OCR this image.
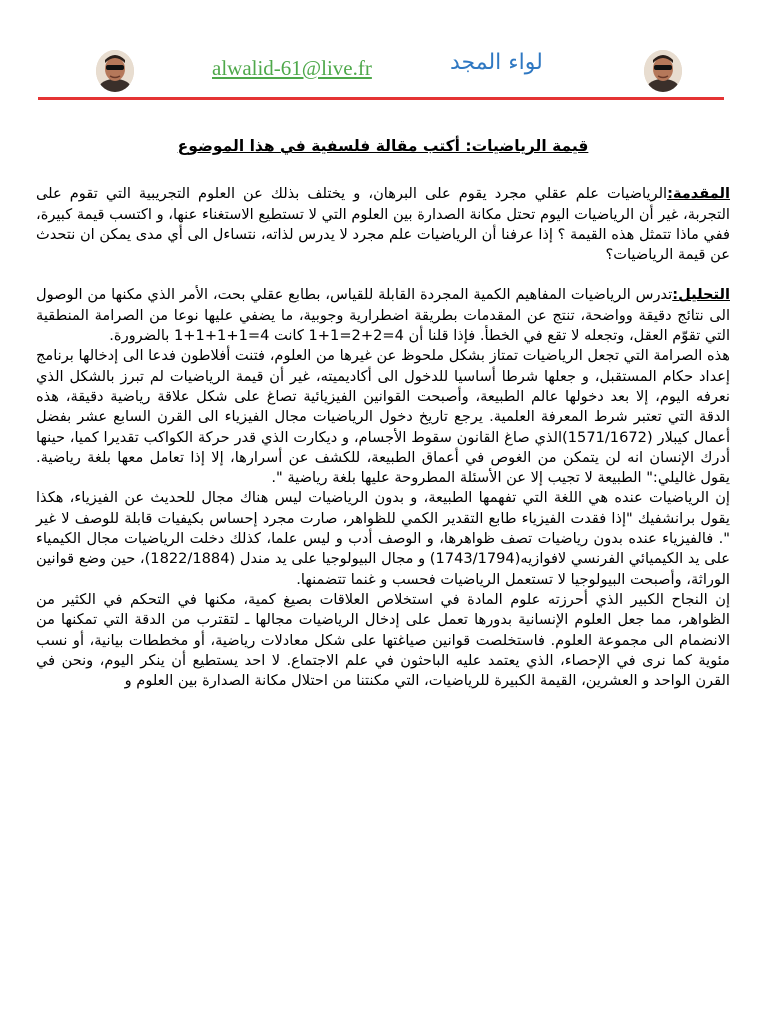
alwalid-61@live.fr	لواء المجد

قيمة الرياضيات: أكتب مقالة فلسفية في هذا الموضوع

المقدمة:الرياضيات علم عقلي مجرد يقوم على البرهان، و يختلف بذلك عن العلوم التجريبية التي تقوم على التجربة، غير أن الرياضيات اليوم تحتل مكانة الصدارة بين العلوم التي لا تستطيع الاستغناء عنها، و اكتسب قيمة كبيرة، ففي ماذا تتمثل هذه القيمة ؟ إذا عرفنا أن الرياضيات علم مجرد لا يدرس لذاته، نتساءل الى أي مدى يمكن ان نتحدث عن قيمة الرياضيات؟

التحليل:تدرس الرياضيات المفاهيم الكمية المجردة القابلة للقياس، بطابع عقلي بحت، الأمر الذي مكنها من الوصول الى نتائج دقيقة وواضحة، تنتج عن المقدمات بطريقة اضطرارية وجوبية، ما يضفي عليها نوعا من الصرامة المنطقية التي تقوّم العقل، وتجعله لا تقع في الخطأ. فإذا قلنا أن 4=2+2=1+1 كانت 4=1+1+1+1 بالضرورة.

هذه الصرامة التي تجعل الرياضيات تمتاز بشكل ملحوظ عن غيرها من العلوم، فتنت أفلاطون فدعا الى إدخالها برنامج إعداد حكام المستقبل، و جعلها شرطا أساسيا للدخول الى أكاديميته، غير أن قيمة الرياضيات لم تبرز بالشكل الذي نعرفه اليوم، إلا بعد دخولها عالم الطبيعة، وأصبحت القوانين الفيزيائية تصاغ على شكل علاقة رياضية دقيقة، هذه الدقة التي تعتبر شرط المعرفة العلمية. يرجع تاريخ دخول الرياضيات مجال الفيزياء الى القرن السابع عشر بفضل أعمال كيبلار (1571/1672)الذي صاغ القانون سقوط الأجسام، و ديكارت الذي قدر حركة الكواكب تقديرا كميا، حينها أدرك الإنسان انه لن يتمكن من الغوص في أعماق الطبيعة، للكشف عن أسرارها، إلا إذا تعامل معها بلغة رياضية. يقول غاليلي:" الطبيعة لا تجيب إلا عن الأسئلة المطروحة عليها بلغة رياضية ".

إن الرياضيات عنده هي اللغة التي تفهمها الطبيعة، و بدون الرياضيات ليس هناك مجال للحديث عن الفيزياء، هكذا يقول برانشفيك "إذا فقدت الفيزياء طابع التقدير الكمي للظواهر، صارت مجرد إحساس بكيفيات قابلة للوصف لا غير ". فالفيزياء عنده بدون رياضيات تصف ظواهرها، و الوصف أدب و ليس علما، كذلك دخلت الرياضيات مجال الكيمياء على يد الكيميائي الفرنسي لافوازيه(1743/1794) و مجال البيولوجيا على يد مندل (1822/1884)، حين وضع قوانين الوراثة، وأصبحت البيولوجيا لا تستعمل الرياضيات فحسب و غنما تتضمنها.

إن النجاح الكبير الذي أحرزته علوم المادة في استخلاص العلاقات بصيغ كمية، مكنها في التحكم في الكثير من الظواهر، مما جعل العلوم الإنسانية بدورها تعمل على إدخال الرياضيات مجالها ـ لتقترب من الدقة التي تمكنها من الانضمام الى مجموعة العلوم. فاستخلصت قوانين صياغتها على شكل معادلات رياضية، أو مخططات بيانية، أو نسب مئوية كما نرى في الإحصاء، الذي يعتمد عليه الباحثون في علم الاجتماع. لا احد يستطيع أن ينكر اليوم، ونحن في القرن الواحد و العشرين، القيمة الكبيرة للرياضيات، التي مكنتنا من احتلال مكانة الصدارة بين العلوم و
